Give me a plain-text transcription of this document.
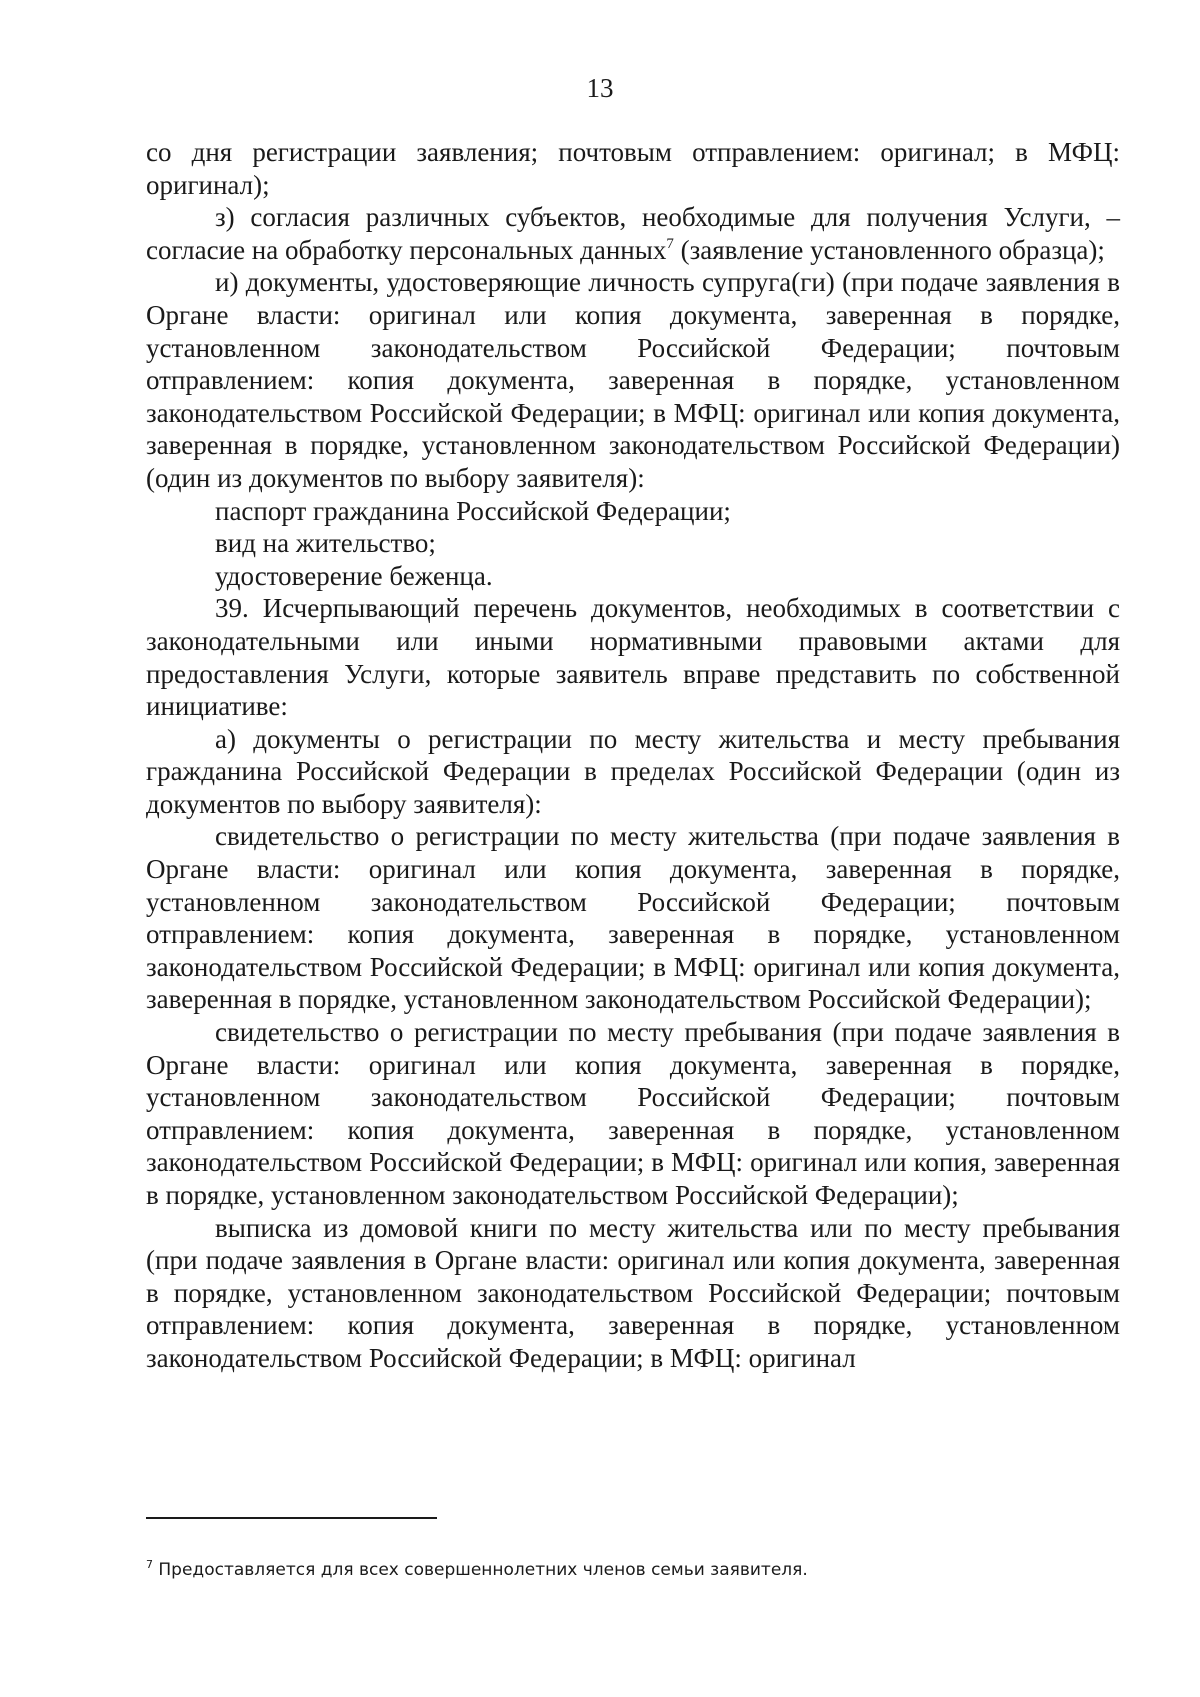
13

со дня регистрации заявления; почтовым отправлением: оригинал; в МФЦ: оригинал);

з) согласия различных субъектов, необходимые для получения Услуги, – согласие на обработку персональных данных$^7$ (заявление установленного образца);

и) документы, удостоверяющие личность супруга(ги) (при подаче заявления в Органе власти: оригинал или копия документа, заверенная в порядке, установленном законодательством Российской Федерации; почтовым отправлением: копия документа, заверенная в порядке, установленном законодательством Российской Федерации; в МФЦ: оригинал или копия документа, заверенная в порядке, установленном законодательством Российской Федерации) (один из документов по выбору заявителя):

паспорт гражданина Российской Федерации;

вид на жительство;

удостоверение беженца.

39. Исчерпывающий перечень документов, необходимых в соответствии с законодательными или иными нормативными правовыми актами для предоставления Услуги, которые заявитель вправе представить по собственной инициативе:

а) документы о регистрации по месту жительства и месту пребывания гражданина Российской Федерации в пределах Российской Федерации (один из документов по выбору заявителя):

свидетельство о регистрации по месту жительства (при подаче заявления в Органе власти: оригинал или копия документа, заверенная в порядке, установленном законодательством Российской Федерации; почтовым отправлением: копия документа, заверенная в порядке, установленном законодательством Российской Федерации; в МФЦ: оригинал или копия документа, заверенная в порядке, установленном законодательством Российской Федерации);

свидетельство о регистрации по месту пребывания (при подаче заявления в Органе власти: оригинал или копия документа, заверенная в порядке, установленном законодательством Российской Федерации; почтовым отправлением: копия документа, заверенная в порядке, установленном законодательством Российской Федерации; в МФЦ: оригинал или копия, заверенная в порядке, установленном законодательством Российской Федерации);

выписка из домовой книги по месту жительства или по месту пребывания (при подаче заявления в Органе власти: оригинал или копия документа, заверенная в порядке, установленном законодательством Российской Федерации; почтовым отправлением: копия документа, заверенная в порядке, установленном законодательством Российской Федерации; в МФЦ: оригинал

$^7$ Предоставляется для всех совершеннолетних членов семьи заявителя.
